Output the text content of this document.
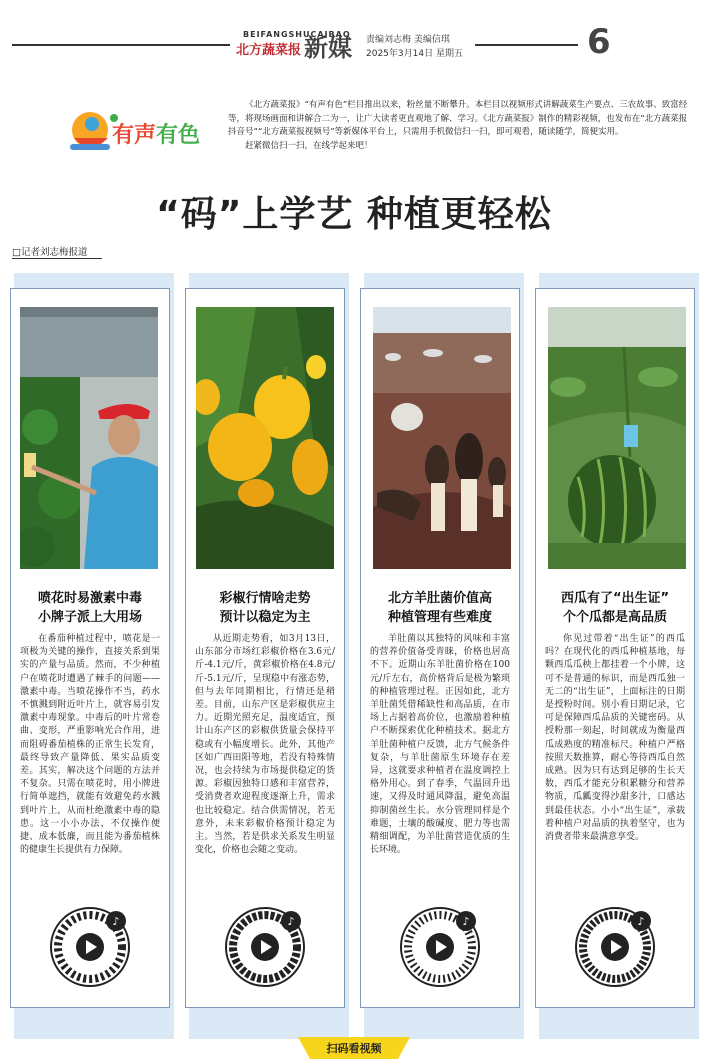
BEIFANGSHUCAIBAO
北方蔬菜报 新媒 责编刘志梅 美编信琪
2025年3月14日 星期五	6
有声有色

《北方蔬菜报》“有声有色”栏目推出以来，粉丝量不断攀升。本栏目以视频形式讲解蔬菜生产要点、三农故事、致富经等，将现场画面和讲解合二为一，让广大读者更直观地了解、学习。《北方蔬菜报》制作的精彩视频，也发布在“北方蔬菜报抖音号”“北方蔬菜报视频号”等新媒体平台上，只需用手机微信扫一扫，即可观看，随读随学，简便实用。

赶紧微信扫一扫，在线学起来吧！

“码”上学艺 种植更轻松
□记者刘志梅报道
喷花时易激素中毒
小牌子派上大用场

在番茄种植过程中，喷花是一项极为关键的操作，直接关系到果实的产量与品质。然而，不少种植户在喷花时遭遇了棘手的问题——激素中毒。当喷花操作不当，药水不慎溅到附近叶片上，就容易引发激素中毒现象。中毒后的叶片常卷曲、变形，严重影响光合作用，进而阻碍番茄植株的正常生长发育，最终导致产量降低、果实品质变差。其实，解决这个问题的方法并不复杂。只需在喷花时，用小牌进行简单遮挡，就能有效避免药水溅到叶片上，从而杜绝激素中毒的隐患。这一小小办法，不仅操作便捷、成本低廉，而且能为番茄植株的健康生长提供有力保障。

♪
彩椒行情啥走势
预计以稳定为主

从近期走势看，如3月13日，山东部分市场红彩椒价格在3.6元/斤-4.1元/斤，黄彩椒价格在4.8元/斤-5.1元/斤，呈现稳中有涨态势，但与去年同期相比，行情还是稍差。目前，山东产区是彩椒供应主力。近期光照充足，温度适宜，预计山东产区的彩椒供货量会保持平稳或有小幅度增长。此外，其他产区如广西田阳等地，若没有特殊情况，也会持续为市场提供稳定的货源。彩椒因独特口感和丰富营养，受消费者欢迎程度逐渐上升，需求也比较稳定。结合供需情况，若无意外，未来彩椒价格预计稳定为主。当然，若是供求关系发生明显变化，价格也会随之变动。

♪
北方羊肚菌价值高
种植管理有些难度

羊肚菌以其独特的风味和丰富的营养价值备受青睐，价格也居高不下。近期山东羊肚菌价格在100元/斤左右，高价格背后是极为繁琐的种植管理过程。正因如此，北方羊肚菌凭借稀缺性和高品质，在市场上占据着高价位，也激励着种植户不断探索优化种植技术。据北方羊肚菌种植户反馈，北方气候条件复杂，与羊肚菌原生环境存在差异，这就要求种植者在温度调控上格外用心。到了春季，气温回升迅速，又得及时通风降温，避免高温抑制菌丝生长。水分管理同样是个难题，土壤的酸碱度、肥力等也需精细调配，为羊肚菌营造优质的生长环境。

♪
西瓜有了“出生证”
个个瓜都是高品质

你见过带着“出生证”的西瓜吗？在现代化的西瓜种植基地，每颗西瓜瓜秧上都挂着一个小牌，这可不是普通的标识，而是西瓜独一无二的“出生证”，上面标注的日期是授粉时间。别小看日期记录，它可是保障西瓜品质的关键密码。从授粉那一刻起，时间就成为衡量西瓜成熟度的精准标尺。种植户严格按照天数推算，耐心等待西瓜自然成熟。因为只有达到足够的生长天数，西瓜才能充分积累糖分和营养物质，瓜瓤变得沙甜多汁，口感达到最佳状态。小小“出生证”，承载着种植户对品质的执着坚守，也为消费者带来最满意享受。

♪
扫码看视频
